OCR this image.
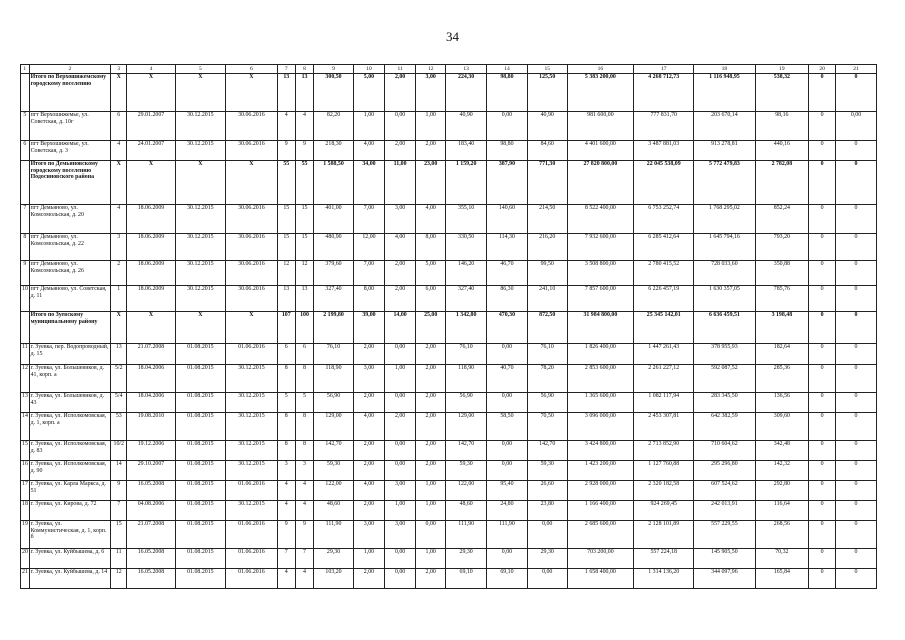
34
1	2	3	4	5	6	7	8	9	10	11	12	13	14	15	16	17	18	19	20	21
	Итого по Верхошижемскому городскому поселению	X	X	X	X	13	13	300,50	5,00	2,00	3,00	224,30	98,80	125,50	5 383 200,00	4 268 712,73	1 116 948,95	538,32	0	0
5	пгт Верхошижемье, ул. Советская, д. 10г	6	29.01.2007	30.12.2015	30.06.2016	4	4	82,20	1,00	0,00	1,00	40,90	0,00	40,90	981 600,00	777 831,70	203 670,14	98,16	0	0,00
6	пгт Верхошижемье, ул. Советская, д. 3	4	24.01.2007	30.12.2015	30.06.2016	9	9	218,30	4,00	2,00	2,00	183,40	98,80	84,60	4 401 600,00	3 487 881,03	913 278,81	440,16	0	0
	Итого по Демьяновскому городскому поселению Подосиновского района	X	X	X	X	55	55	1 588,50	34,00	11,00	23,00	1 159,20	387,90	771,30	27 820 800,00	22 045 538,09	5 772 479,83	2 782,08	0	0
7	пгт Демьяново, ул. Комсомольская, д. 20	4	18.06.2009	30.12.2015	30.06.2016	15	15	401,00	7,00	3,00	4,00	355,10	140,60	214,50	8 522 400,00	6 753 252,74	1 768 295,02	852,24	0	0
8	пгт Демьяново, ул. Комсомольская, д. 22	3	18.06.2009	30.12.2015	30.06.2016	15	15	480,90	12,00	4,00	8,00	330,50	114,30	216,20	7 932 600,00	6 285 412,64	1 645 794,16	793,20	0	0
9	пгт Демьяново, ул. Комсомольская, д. 26	2	18.06.2009	30.12.2015	30.06.2016	12	12	379,60	7,00	2,00	5,00	146,20	46,70	99,50	3 508 800,00	2 780 415,52	728 033,60	350,88	0	0
10	пгт Демьяново, ул. Советская, д. 11	1	18.06.2009	30.12.2015	30.06.2016	13	13	327,40	8,00	2,00	6,00	327,40	86,30	241,10	7 857 600,00	6 226 457,19	1 630 357,05	785,76	0	0
	Итого по Зуевскому муниципальному району	X	X	X	X	107	100	2 199,80	39,00	14,00	25,00	1 342,80	470,30	872,50	31 984 800,00	25 345 142,01	6 636 459,51	3 198,48	0	0
11	г. Зуевка, пер. Водопроводный, д. 15	13	21.07.2008	01.08.2015	01.06.2016	6	6	76,10	2,00	0,00	2,00	76,10	0,00	76,10	1 826 400,00	1 447 261,43	378 955,93	182,64	0	0
12	г. Зуевка, ул. Большевиков, д. 41, корп. а	5/2	18.04.2006	01.08.2015	30.12.2015	8	8	118,90	3,00	1,00	2,00	118,90	40,70	78,20	2 853 600,00	2 261 227,12	592 087,52	285,36	0	0
13	г. Зуевка, ул. Большевиков, д. 43	5/4	18.04.2006	01.08.2015	30.12.2015	5	5	56,90	2,00	0,00	2,00	56,90	0,00	56,90	1 365 600,00	1 082 117,94	283 345,50	136,56	0	0
14	г. Зуевка, ул. Исполкомовская, д. 1, корп. а	53	19.08.2010	01.08.2015	30.12.2015	8	8	129,00	4,00	2,00	2,00	129,00	58,50	70,50	3 096 000,00	2 453 307,81	642 382,59	309,60	0	0
15	г. Зуевка, ул. Исполкомовская, д. 83	10/2	19.12.2006	01.08.2015	30.12.2015	8	8	142,70	2,00	0,00	2,00	142,70	0,00	142,70	3 424 800,00	2 713 852,90	710 604,62	342,48	0	0
16	г. Зуевка, ул. Исполкомовская, д. 90	14	29.10.2007	01.08.2015	30.12.2015	3	3	59,30	2,00	0,00	2,00	59,30	0,00	59,30	1 423 200,00	1 127 760,88	295 296,80	142,32	0	0
17	г. Зуевка, ул. Карла Маркса, д. 51	9	16.05.2008	01.08.2015	01.06.2016	4	4	122,00	4,00	3,00	1,00	122,00	95,40	26,60	2 928 000,00	2 320 182,58	607 524,62	292,80	0	0
18	г. Зуевка, ул. Кирова, д. 72	7	04.08.2006	01.08.2015	30.12.2015	4	4	48,60	2,00	1,00	1,00	48,60	24,80	23,80	1 166 400,00	924 269,45	242 013,91	116,64	0	0
19	г. Зуевка, ул. Коммунистическая, д. 1, корп. б	15	21.07.2008	01.08.2015	01.06.2016	9	9	111,90	3,00	3,00	0,00	111,90	111,90	0,00	2 685 600,00	2 128 101,89	557 229,55	268,56	0	0
20	г. Зуевка, ул. Куйбышева, д. 6	11	16.05.2008	01.08.2015	01.06.2016	7	7	29,30	1,00	0,00	1,00	29,30	0,00	29,30	703 200,00	557 224,18	145 905,50	70,32	0	0
21	г. Зуевка, ул. Куйбышева, д. 14	12	16.05.2008	01.08.2015	01.06.2016	4	4	103,20	2,00	0,00	2,00	69,10	69,10	0,00	1 658 400,00	1 314 136,20	344 097,96	165,84	0	0
